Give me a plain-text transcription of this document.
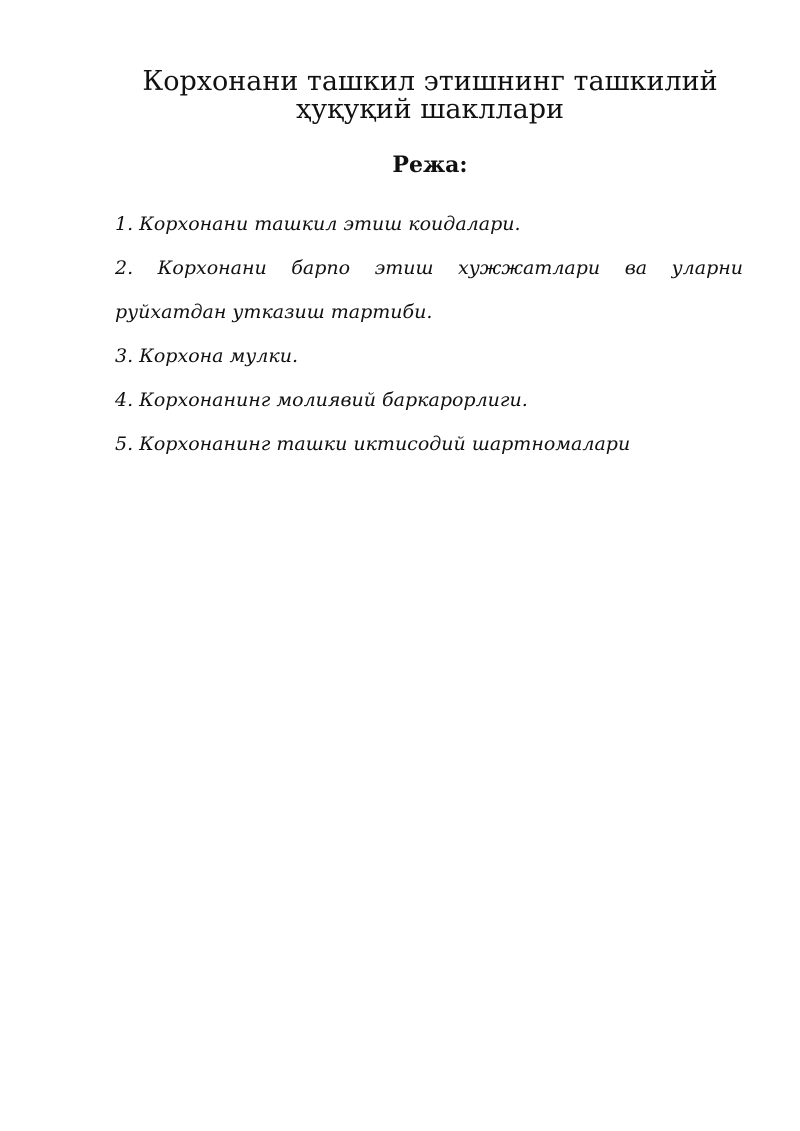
Корхонани ташкил этишнинг ташкилий
ҳуқуқий шакллари
Режа:
1. Корхонани ташкил этиш коидалари.
2. Корхонани барпо этиш хужжатлари ва уларни руйхатдан утказиш тартиби.
3. Корхона мулки.
4. Корхонанинг молиявий баркарорлиги.
5. Корхонанинг ташки иктисодий шартномалари
